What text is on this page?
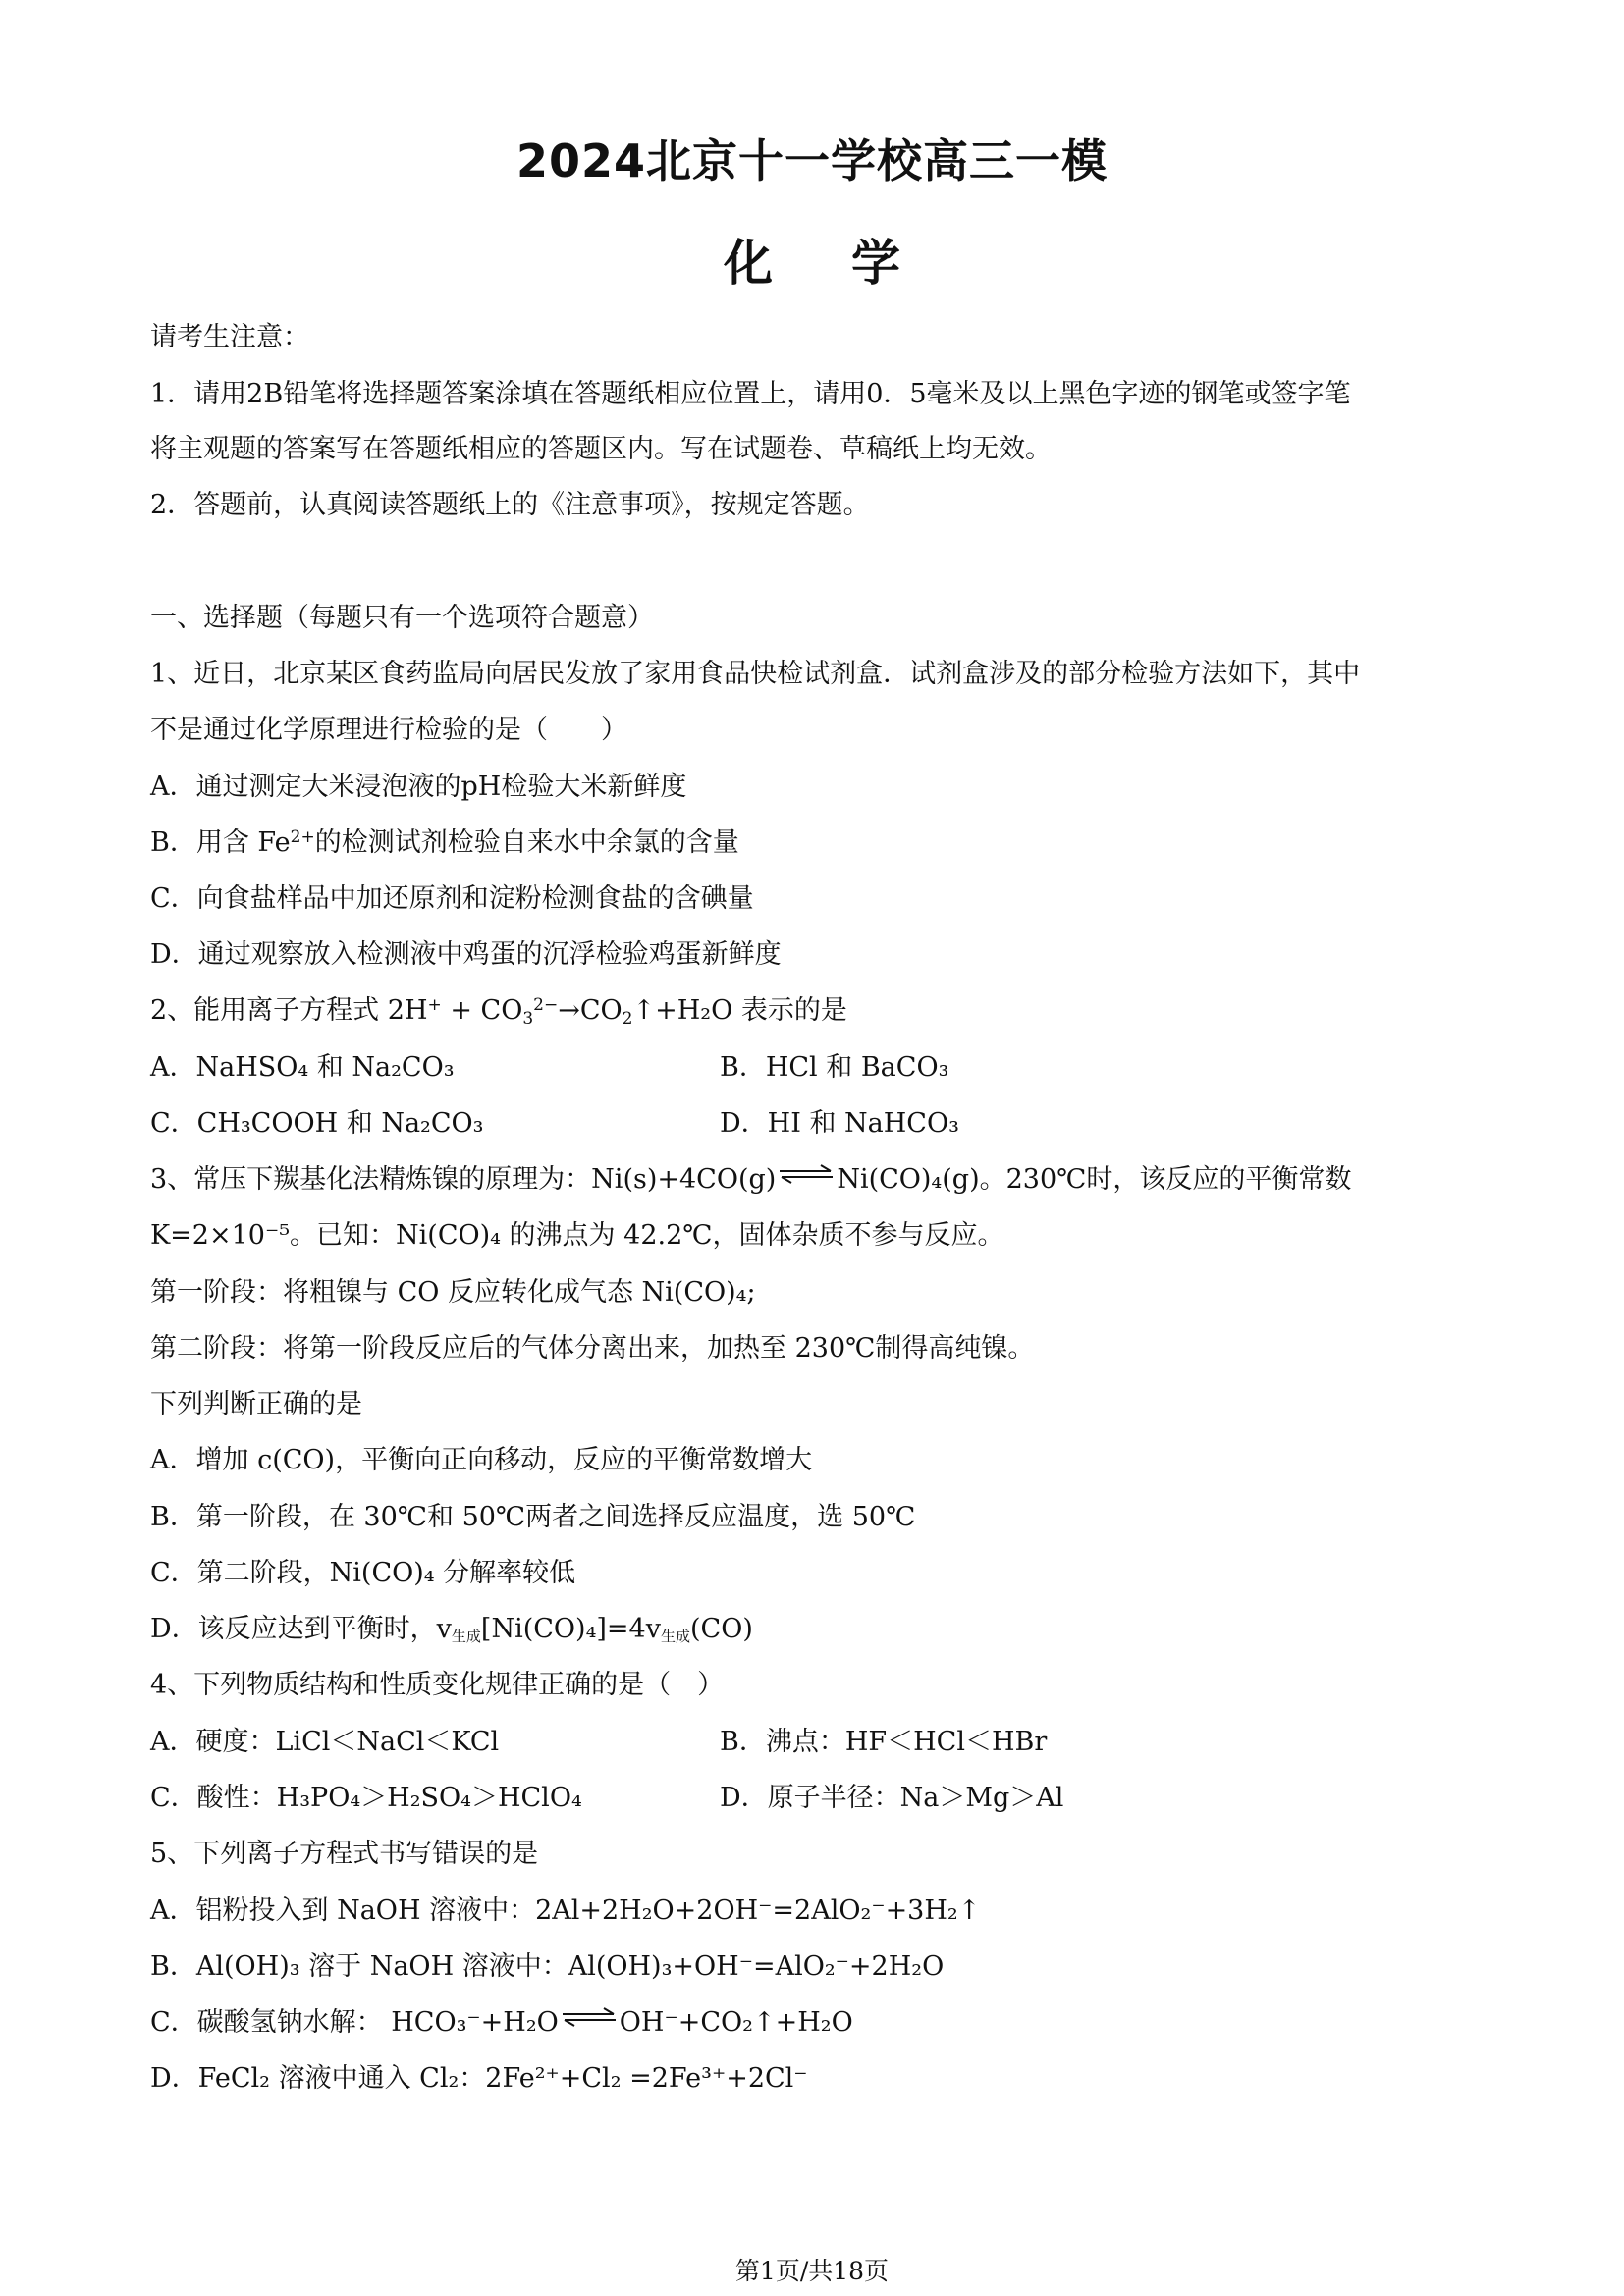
2024北京十一学校高三一模
化学
请考生注意：
1．请用2B铅笔将选择题答案涂填在答题纸相应位置上，请用0．5毫米及以上黑色字迹的钢笔或签字笔
将主观题的答案写在答题纸相应的答题区内。写在试题卷、草稿纸上均无效。
2．答题前，认真阅读答题纸上的《注意事项》，按规定答题。
一、选择题（每题只有一个选项符合题意）
1、近日，北京某区食药监局向居民发放了家用食品快检试剂盒．试剂盒涉及的部分检验方法如下，其中
不是通过化学原理进行检验的是（　　）
A．通过测定大米浸泡液的pH检验大米新鲜度
B．用含 $Fe^{2+}$的检测试剂检验自来水中余氯的含量
C．向食盐样品中加还原剂和淀粉检测食盐的含碘量
D．通过观察放入检测液中鸡蛋的沉浮检验鸡蛋新鲜度
2、能用离子方程式 $2H^+ + CO_3^{2-}\to CO_2↑+H_2O$ 表示的是
A．NaHSO₄ 和 Na₂CO₃	B．HCl 和 BaCO₃
C．CH₃COOH 和 Na₂CO₃	D．HI 和 NaHCO₃
3、常压下羰基化法精炼镍的原理为：Ni(s)+4CO(g) ⇌ Ni(CO)₄(g)。230℃时，该反应的平衡常数
K=2×10⁻⁵。已知：Ni(CO)₄ 的沸点为 42.2℃，固体杂质不参与反应。
第一阶段：将粗镍与 CO 反应转化成气态 Ni(CO)₄;
第二阶段：将第一阶段反应后的气体分离出来，加热至 230℃制得高纯镍。
下列判断正确的是
A．增加 c(CO)，平衡向正向移动，反应的平衡常数增大
B．第一阶段，在 30℃和 50℃两者之间选择反应温度，选 50℃
C．第二阶段，Ni(CO)₄ 分解率较低
D．该反应达到平衡时，$v_{生成}[Ni(CO)_4]=4v_{生成}(CO)$
4、下列物质结构和性质变化规律正确的是（　）
A．硬度：LiCl＜NaCl＜KCl	B．沸点：HF＜HCl＜HBr
C．酸性：H₃PO₄＞H₂SO₄＞HClO₄	D．原子半径：Na＞Mg＞Al
5、下列离子方程式书写错误的是
A．铝粉投入到 NaOH 溶液中：2Al+2H₂O+2OH⁻=2AlO₂⁻+3H₂↑
B．Al(OH)₃ 溶于 NaOH 溶液中：Al(OH)₃+OH⁻=AlO₂⁻+2H₂O
C．碳酸氢钠水解： HCO₃⁻+H₂O ⇌ OH⁻+CO₂↑+H₂O
D．FeCl₂ 溶液中通入 Cl₂：2Fe²⁺+Cl₂ =2Fe³⁺+2Cl⁻
第1页/共18页
